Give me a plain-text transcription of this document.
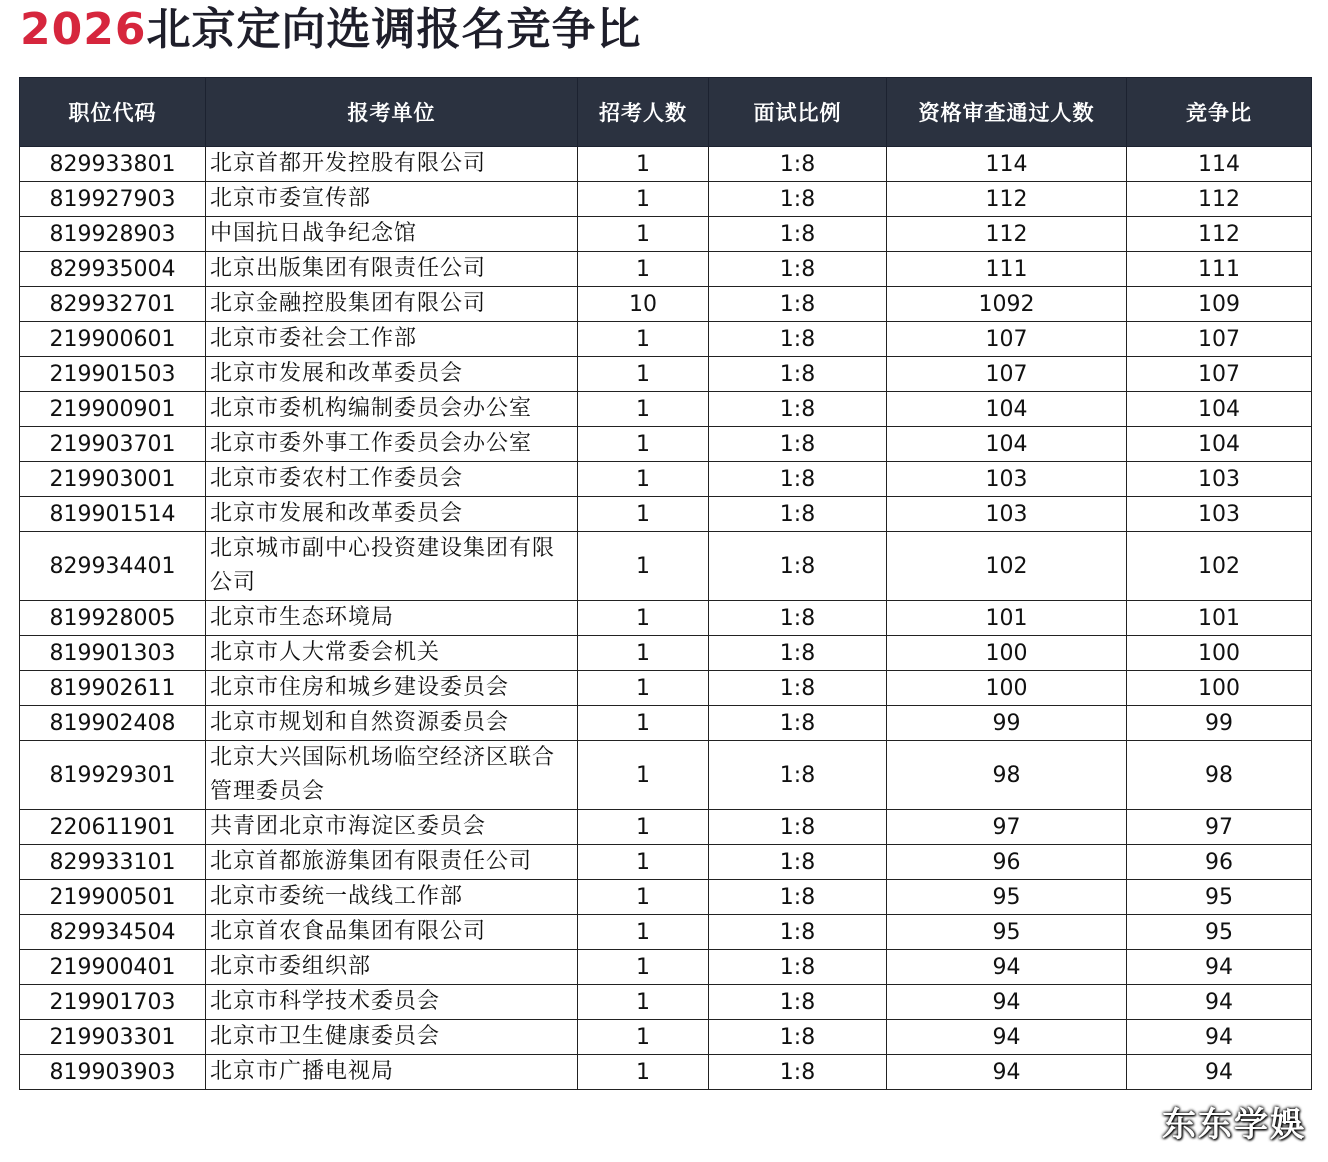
2026北京定向选调报名竞争比
职位代码	报考单位	招考人数	面试比例	资格审查通过人数	竞争比
829933801	北京首都开发控股有限公司	1	1:8	114	114
819927903	北京市委宣传部	1	1:8	112	112
819928903	中国抗日战争纪念馆	1	1:8	112	112
829935004	北京出版集团有限责任公司	1	1:8	111	111
829932701	北京金融控股集团有限公司	10	1:8	1092	109
219900601	北京市委社会工作部	1	1:8	107	107
219901503	北京市发展和改革委员会	1	1:8	107	107
219900901	北京市委机构编制委员会办公室	1	1:8	104	104
219903701	北京市委外事工作委员会办公室	1	1:8	104	104
219903001	北京市委农村工作委员会	1	1:8	103	103
819901514	北京市发展和改革委员会	1	1:8	103	103
829934401	北京城市副中心投资建设集团有限公司	1	1:8	102	102
819928005	北京市生态环境局	1	1:8	101	101
819901303	北京市人大常委会机关	1	1:8	100	100
819902611	北京市住房和城乡建设委员会	1	1:8	100	100
819902408	北京市规划和自然资源委员会	1	1:8	99	99
819929301	北京大兴国际机场临空经济区联合管理委员会	1	1:8	98	98
220611901	共青团北京市海淀区委员会	1	1:8	97	97
829933101	北京首都旅游集团有限责任公司	1	1:8	96	96
219900501	北京市委统一战线工作部	1	1:8	95	95
829934504	北京首农食品集团有限公司	1	1:8	95	95
219900401	北京市委组织部	1	1:8	94	94
219901703	北京市科学技术委员会	1	1:8	94	94
219903301	北京市卫生健康委员会	1	1:8	94	94
819903903	北京市广播电视局	1	1:8	94	94
东东学娛
